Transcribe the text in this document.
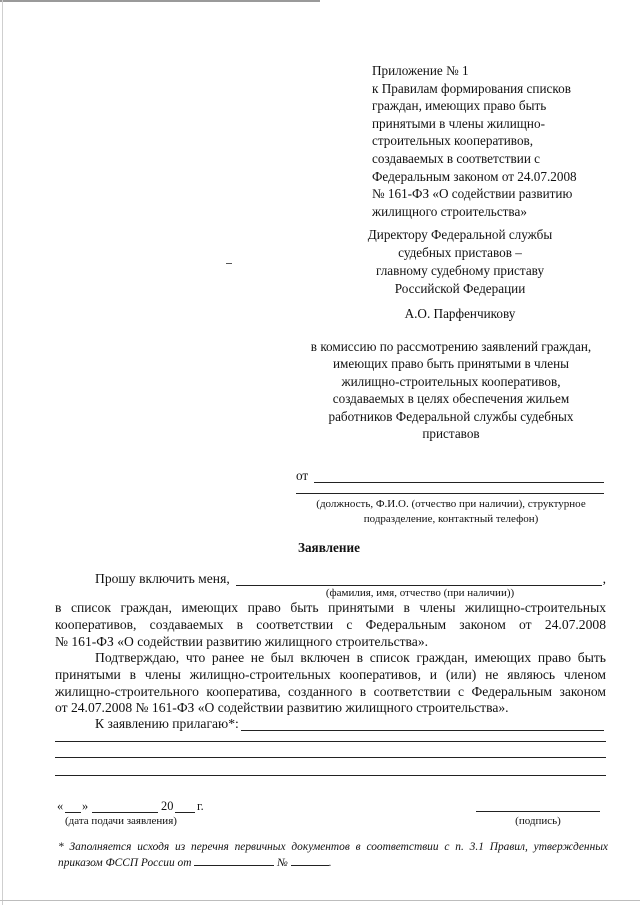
Приложение № 1
к Правилам формирования списков
граждан, имеющих право быть
принятыми в члены жилищно-
строительных кооперативов,
создаваемых в соответствии с
Федеральным законом от 24.07.2008
№ 161-ФЗ «О содействии развитию
жилищного строительства»
Директору Федеральной службы
судебных приставов –
главному судебному приставу
Российской Федерации
А.О. Парфенчикову
в комиссию по рассмотрению заявлений граждан,
имеющих право быть принятыми в члены
жилищно-строительных кооперативов,
создаваемых в целях обеспечения жильем
работников Федеральной службы судебных
приставов
от
(должность, Ф.И.О. (отчество при наличии), структурное
подразделение, контактный телефон)
Заявление
Прошу включить меня,	,
(фамилия, имя, отчество (при наличии))
в список граждан, имеющих право быть принятыми в члены жилищно-строительных
кооперативов, создаваемых в соответствии с Федеральным законом от 24.07.2008
№ 161-ФЗ «О содействии развитию жилищного строительства».
Подтверждаю, что ранее не был включен в список граждан, имеющих право быть
принятыми в члены жилищно-строительных кооперативов, и (или) не являюсь членом
жилищно-строительного кооператива, созданного в соответствии с Федеральным законом
от 24.07.2008 № 161-ФЗ «О содействии развитию жилищного строительства».
К заявлению прилагаю*:
« »	20 г.
(дата подачи заявления)	(подпись)
* Заполняется исходя из перечня первичных документов в соответствии с п. 3.1 Правил, утвержденных
приказом ФССП России от	№	.
